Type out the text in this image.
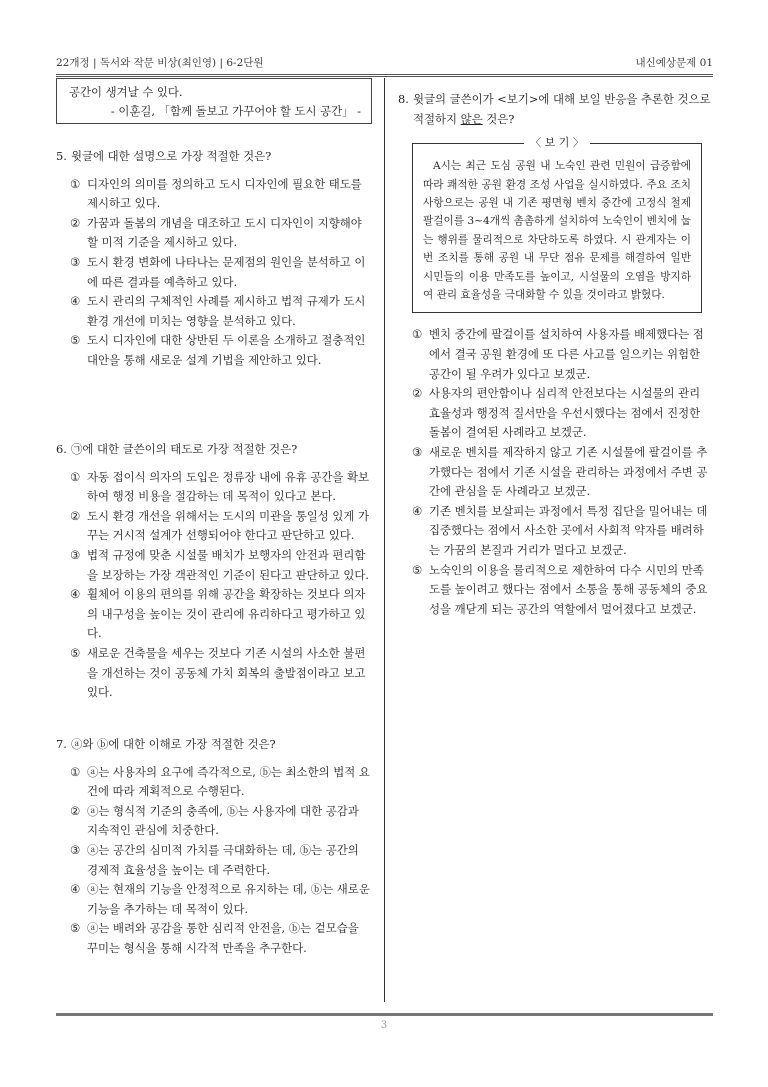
22개정 | 독서와 작문 비상(최인영) | 6-2단원	내신예상문제 01
공간이 생겨날 수 있다.
- 이훈길, 「함께 돌보고 가꾸어야 할 도시 공간」 -
5. 윗글에 대한 설명으로 가장 적절한 것은?
① 디자인의 의미를 정의하고 도시 디자인에 필요한 태도를 제시하고 있다.
② 가꿈과 돌봄의 개념을 대조하고 도시 디자인이 지향해야 할 미적 기준을 제시하고 있다.
③ 도시 환경 변화에 나타나는 문제점의 원인을 분석하고 이에 따른 결과를 예측하고 있다.
④ 도시 관리의 구체적인 사례를 제시하고 법적 규제가 도시 환경 개선에 미치는 영향을 분석하고 있다.
⑤ 도시 디자인에 대한 상반된 두 이론을 소개하고 절충적인 대안을 통해 새로운 설계 기법을 제안하고 있다.
6. ㉠에 대한 글쓴이의 태도로 가장 적절한 것은?
① 자동 접이식 의자의 도입은 정류장 내에 유휴 공간을 확보하여 행정 비용을 절감하는 데 목적이 있다고 본다.
② 도시 환경 개선을 위해서는 도시의 미관을 통일성 있게 가꾸는 거시적 설계가 선행되어야 한다고 판단하고 있다.
③ 법적 규정에 맞춘 시설물 배치가 보행자의 안전과 편리함을 보장하는 가장 객관적인 기준이 된다고 판단하고 있다.
④ 휠체어 이용의 편의를 위해 공간을 확장하는 것보다 의자의 내구성을 높이는 것이 관리에 유리하다고 평가하고 있다.
⑤ 새로운 건축물을 세우는 것보다 기존 시설의 사소한 불편을 개선하는 것이 공동체 가치 회복의 출발점이라고 보고 있다.
7. ⓐ와 ⓑ에 대한 이해로 가장 적절한 것은?
① ⓐ는 사용자의 요구에 즉각적으로, ⓑ는 최소한의 법적 요건에 따라 계획적으로 수행된다.
② ⓐ는 형식적 기준의 충족에, ⓑ는 사용자에 대한 공감과 지속적인 관심에 치중한다.
③ ⓐ는 공간의 심미적 가치를 극대화하는 데, ⓑ는 공간의 경제적 효율성을 높이는 데 주력한다.
④ ⓐ는 현재의 기능을 안정적으로 유지하는 데, ⓑ는 새로운 기능을 추가하는 데 목적이 있다.
⑤ ⓐ는 배려와 공감을 통한 심리적 안전을, ⓑ는 겉모습을 꾸미는 형식을 통해 시각적 만족을 추구한다.
8. 윗글의 글쓴이가 <보기>에 대해 보일 반응을 추론한 것으로 적절하지 않은 것은?
〈 보 기 〉
A시는 최근 도심 공원 내 노숙인 관련 민원이 급증함에 따라 쾌적한 공원 환경 조성 사업을 실시하였다. 주요 조치 사항으로는 공원 내 기존 평면형 벤치 중간에 고정식 철제 팔걸이를 3~4개씩 촘촘하게 설치하여 노숙인이 벤치에 눕는 행위를 물리적으로 차단하도록 하였다. 시 관계자는 이번 조치를 통해 공원 내 무단 점유 문제를 해결하여 일반 시민들의 이용 만족도를 높이고, 시설물의 오염을 방지하여 관리 효율성을 극대화할 수 있을 것이라고 밝혔다.
① 벤치 중간에 팔걸이를 설치하여 사용자를 배제했다는 점에서 결국 공원 환경에 또 다른 사고를 일으키는 위험한 공간이 될 우려가 있다고 보겠군.
② 사용자의 편안함이나 심리적 안전보다는 시설물의 관리 효율성과 행정적 질서만을 우선시했다는 점에서 진정한 돌봄이 결여된 사례라고 보겠군.
③ 새로운 벤치를 제작하지 않고 기존 시설물에 팔걸이를 추가했다는 점에서 기존 시설을 관리하는 과정에서 주변 공간에 관심을 둔 사례라고 보겠군.
④ 기존 벤치를 보살피는 과정에서 특정 집단을 밀어내는 데 집중했다는 점에서 사소한 곳에서 사회적 약자를 배려하는 가꿈의 본질과 거리가 멀다고 보겠군.
⑤ 노숙인의 이용을 물리적으로 제한하여 다수 시민의 만족도를 높이려고 했다는 점에서 소통을 통해 공동체의 중요성을 깨닫게 되는 공간의 역할에서 멀어졌다고 보겠군.
3
